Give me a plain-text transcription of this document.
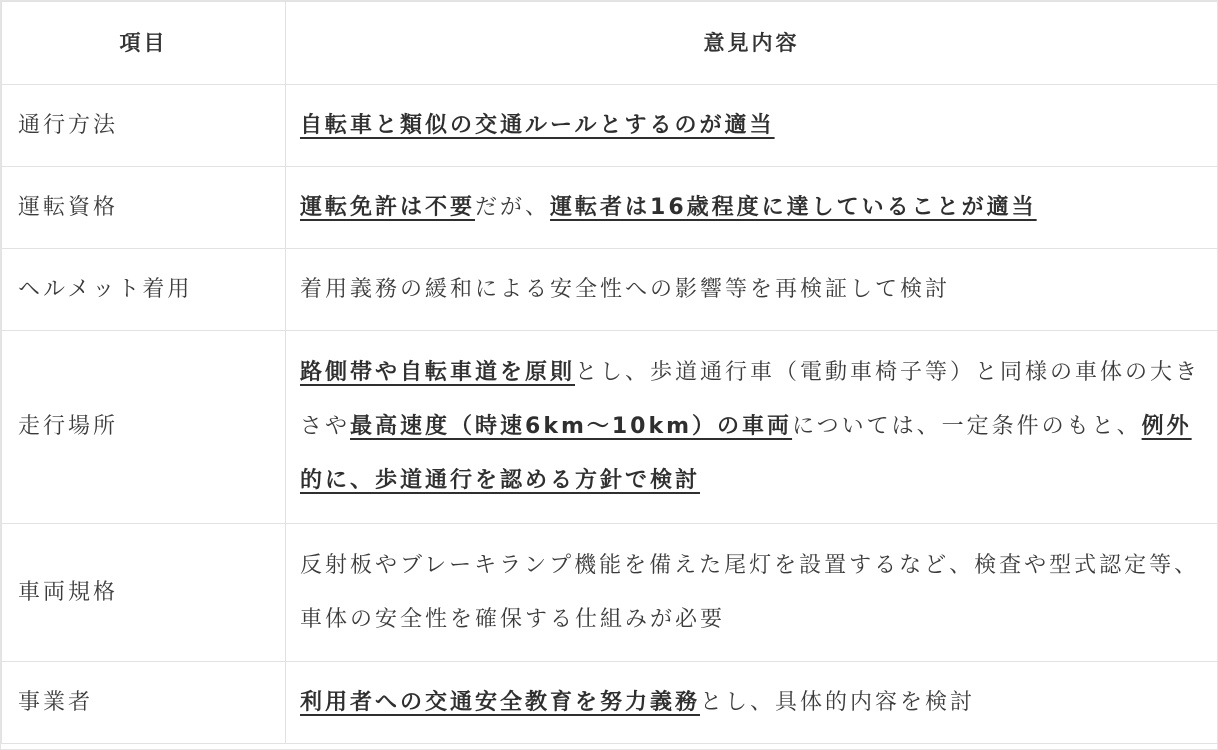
項目	意見内容
通行方法	自転車と類似の交通ルールとするのが適当
運転資格	運転免許は不要だが、運転者は16歳程度に達していることが適当
ヘルメット着用	着用義務の緩和による安全性への影響等を再検証して検討
走行場所	路側帯や自転車道を原則とし、歩道通行車（電動車椅子等）と同様の車体の大きさや最高速度（時速6km～10km）の車両については、一定条件のもと、例外的に、歩道通行を認める方針で検討
車両規格	反射板やブレーキランプ機能を備えた尾灯を設置するなど、検査や型式認定等、車体の安全性を確保する仕組みが必要
事業者	利用者への交通安全教育を努力義務とし、具体的内容を検討
